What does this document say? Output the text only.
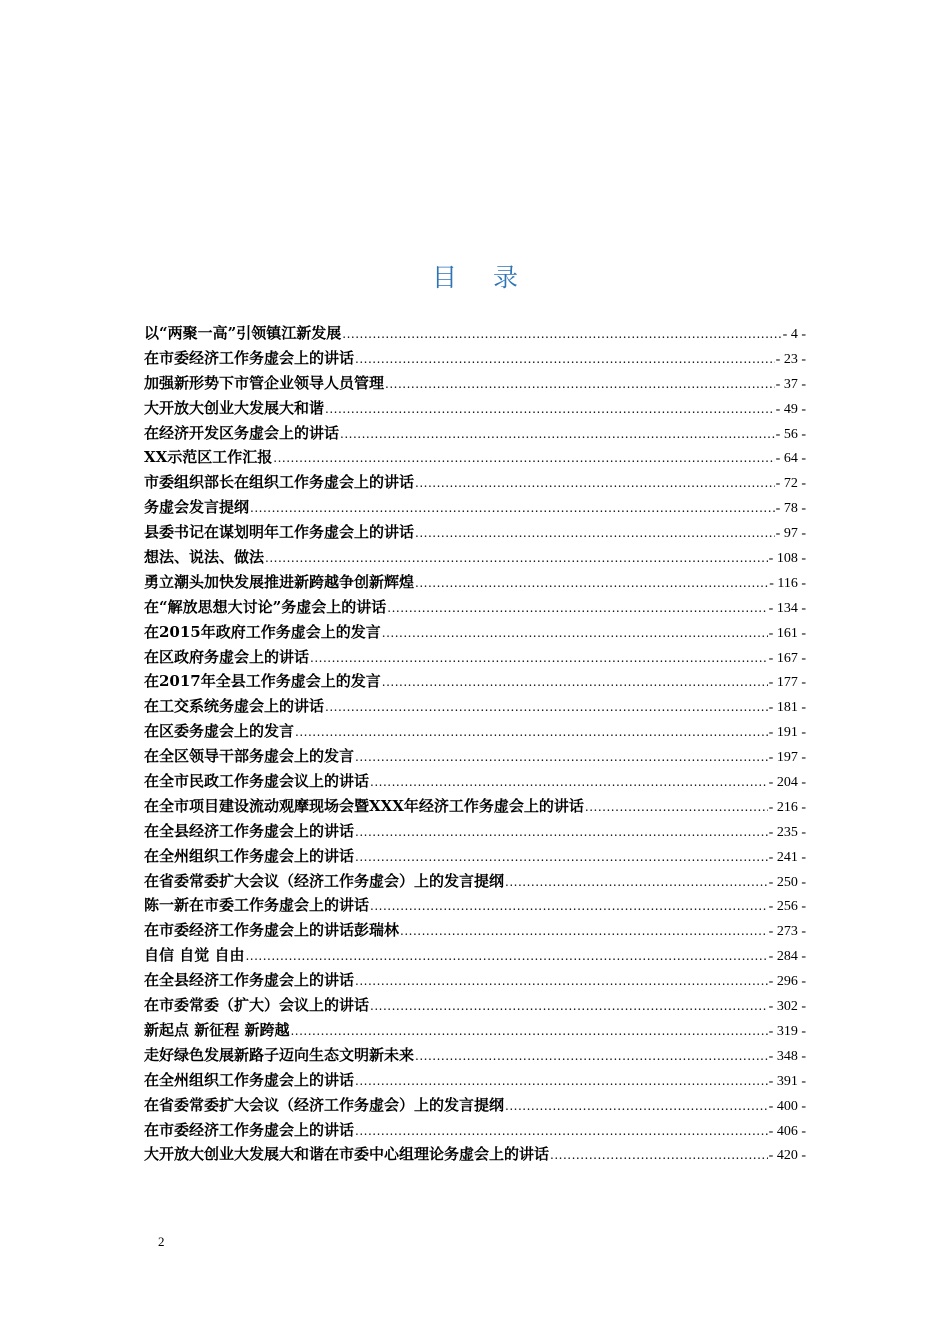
目 录
以“两聚一高”引领镇江新发展 .....	- 4 -
在市委经济工作务虚会上的讲话 .....	- 23 -
加强新形势下市管企业领导人员管理 .....	- 37 -
大开放大创业大发展大和谐 .....	- 49 -
在经济开发区务虚会上的讲话 .....	- 56 -
XX示范区工作汇报 .....	- 64 -
市委组织部长在组织工作务虚会上的讲话 .....	- 72 -
务虚会发言提纲 .....	- 78 -
县委书记在谋划明年工作务虚会上的讲话 .....	- 97 -
想法、说法、做法 .....	- 108 -
勇立潮头加快发展推进新跨越争创新辉煌 .....	- 116 -
在“解放思想大讨论”务虚会上的讲话 .....	- 134 -
在2015年政府工作务虚会上的发言 .....	- 161 -
在区政府务虚会上的讲话 .....	- 167 -
在2017年全县工作务虚会上的发言 .....	- 177 -
在工交系统务虚会上的讲话 .....	- 181 -
在区委务虚会上的发言 .....	- 191 -
在全区领导干部务虚会上的发言 .....	- 197 -
在全市民政工作务虚会议上的讲话 .....	- 204 -
在全市项目建设流动观摩现场会暨XXX年经济工作务虚会上的讲话 .....	- 216 -
在全县经济工作务虚会上的讲话 .....	- 235 -
在全州组织工作务虚会上的讲话 .....	- 241 -
在省委常委扩大会议（经济工作务虚会）上的发言提纲 .....	- 250 -
陈一新在市委工作务虚会上的讲话 .....	- 256 -
在市委经济工作务虚会上的讲话彭瑞林 .....	- 273 -
自信 自觉 自由 .....	- 284 -
在全县经济工作务虚会上的讲话 .....	- 296 -
在市委常委（扩大）会议上的讲话 .....	- 302 -
新起点 新征程 新跨越 .....	- 319 -
走好绿色发展新路子迈向生态文明新未来 .....	- 348 -
在全州组织工作务虚会上的讲话 .....	- 391 -
在省委常委扩大会议（经济工作务虚会）上的发言提纲 .....	- 400 -
在市委经济工作务虚会上的讲话 .....	- 406 -
大开放大创业大发展大和谐在市委中心组理论务虚会上的讲话 .....	- 420 -
2
